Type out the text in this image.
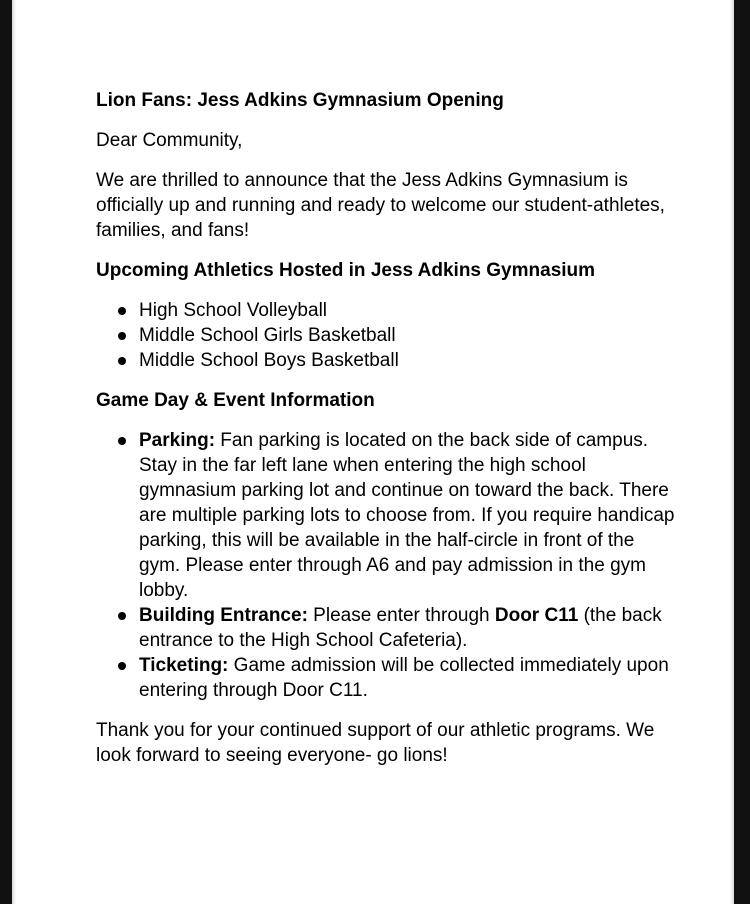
Lion Fans: Jess Adkins Gymnasium Opening

Dear Community,

We are thrilled to announce that the Jess Adkins Gymnasium is officially up and running and ready to welcome our student-athletes, families, and fans!

Upcoming Athletics Hosted in Jess Adkins Gymnasium

High School Volleyball
Middle School Girls Basketball
Middle School Boys Basketball

Game Day & Event Information

Parking: Fan parking is located on the back side of campus. Stay in the far left lane when entering the high school gymnasium parking lot and continue on toward the back. There are multiple parking lots to choose from. If you require handicap parking, this will be available in the half-circle in front of the gym. Please enter through A6 and pay admission in the gym lobby.
Building Entrance: Please enter through Door C11 (the back entrance to the High School Cafeteria).
Ticketing: Game admission will be collected immediately upon entering through Door C11.

Thank you for your continued support of our athletic programs. We look forward to seeing everyone- go lions!
